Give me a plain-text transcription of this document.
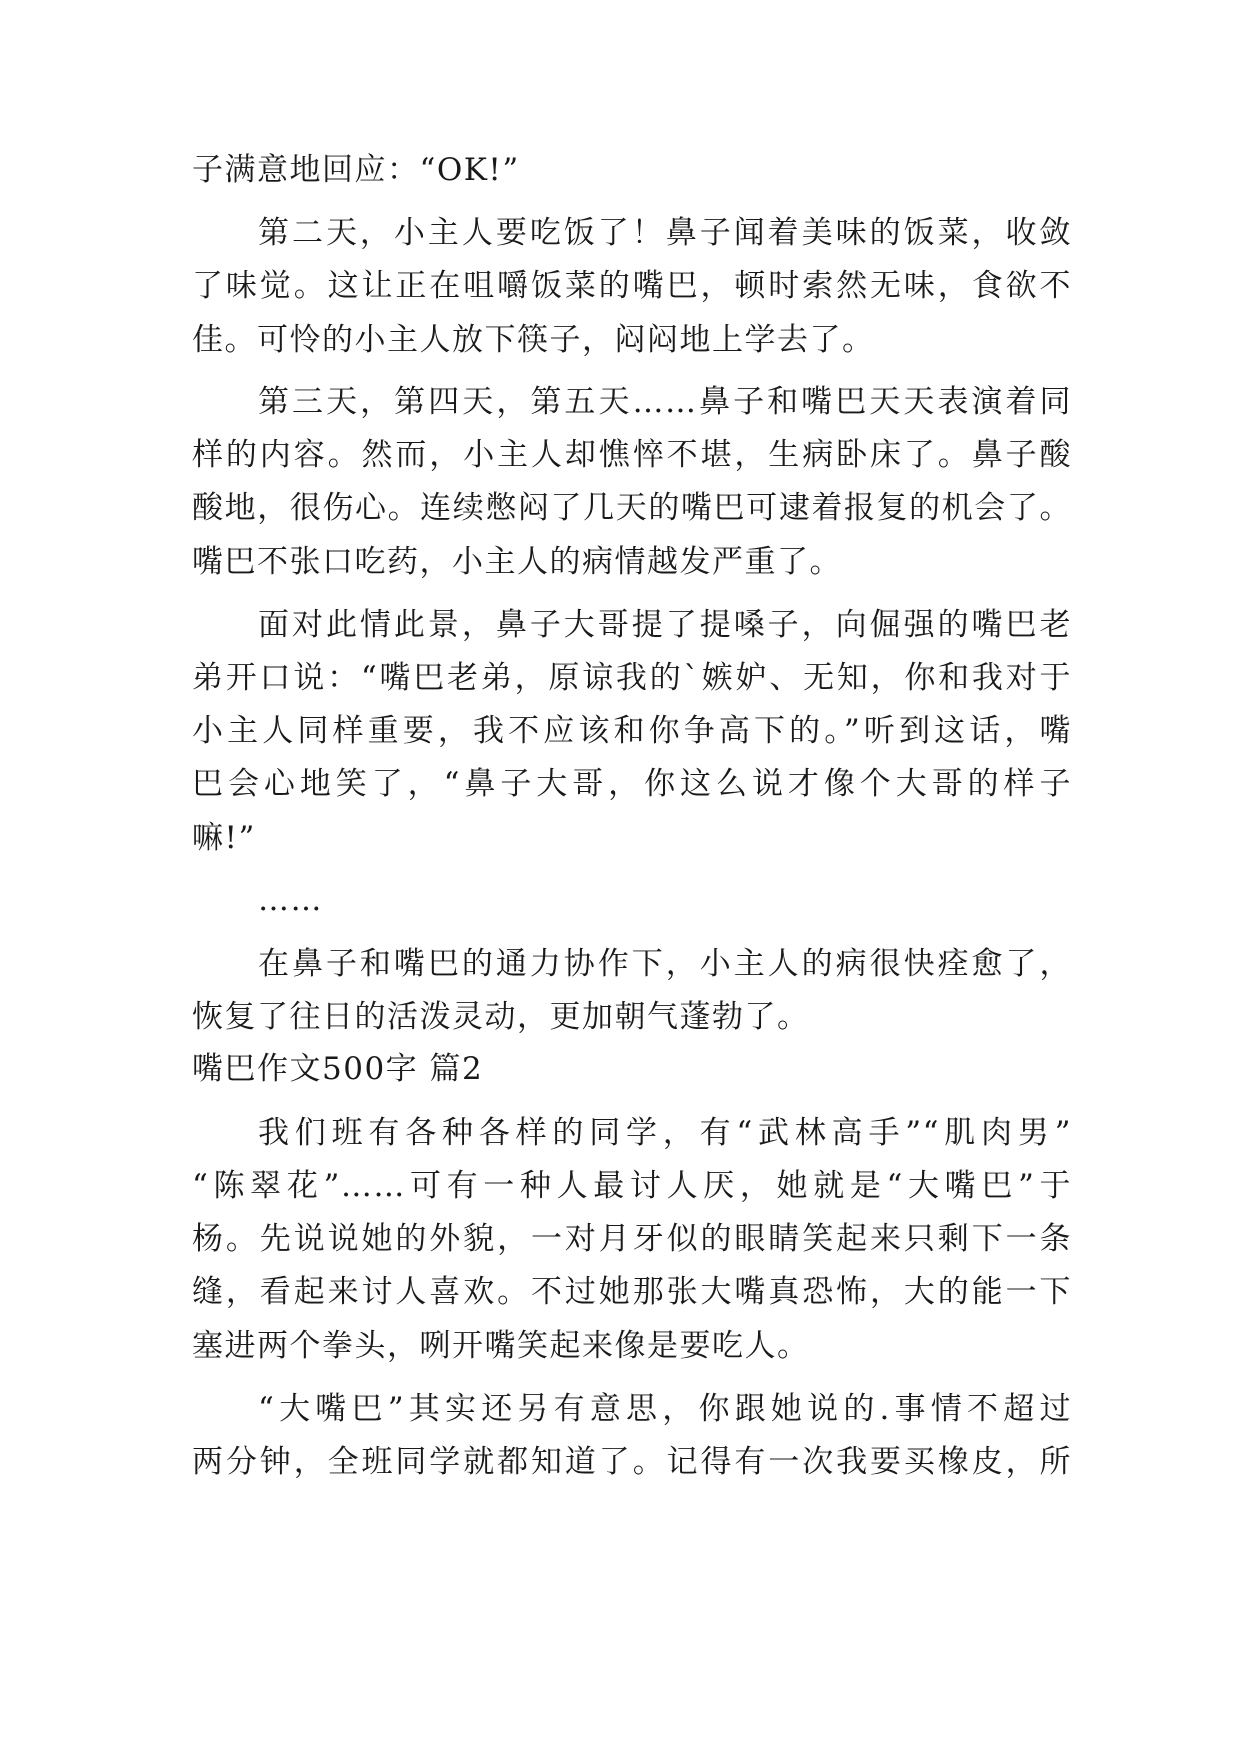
子满意地回应：“OK!”
第二天，小主人要吃饭了！鼻子闻着美味的饭菜，收敛
了味觉。这让正在咀嚼饭菜的嘴巴，顿时索然无味，食欲不
佳。可怜的小主人放下筷子，闷闷地上学去了。
第三天，第四天，第五天……鼻子和嘴巴天天表演着同
样的内容。然而，小主人却憔悴不堪，生病卧床了。鼻子酸
酸地，很伤心。连续憋闷了几天的嘴巴可逮着报复的机会了。
嘴巴不张口吃药，小主人的病情越发严重了。
面对此情此景，鼻子大哥提了提嗓子，向倔强的嘴巴老
弟开口说：“嘴巴老弟，原谅我的`嫉妒、无知，你和我对于
小主人同样重要，我不应该和你争高下的。”听到这话，嘴
巴会心地笑了，“鼻子大哥，你这么说才像个大哥的样子
嘛!”
……
在鼻子和嘴巴的通力协作下，小主人的病很快痊愈了，
恢复了往日的活泼灵动，更加朝气蓬勃了。
嘴巴作文500字 篇2
我们班有各种各样的同学，有“武林高手”“肌肉男”
“陈翠花”……可有一种人最讨人厌，她就是“大嘴巴”于
杨。先说说她的外貌，一对月牙似的眼睛笑起来只剩下一条
缝，看起来讨人喜欢。不过她那张大嘴真恐怖，大的能一下
塞进两个拳头，咧开嘴笑起来像是要吃人。
“大嘴巴”其实还另有意思，你跟她说的.事情不超过
两分钟，全班同学就都知道了。记得有一次我要买橡皮，所
